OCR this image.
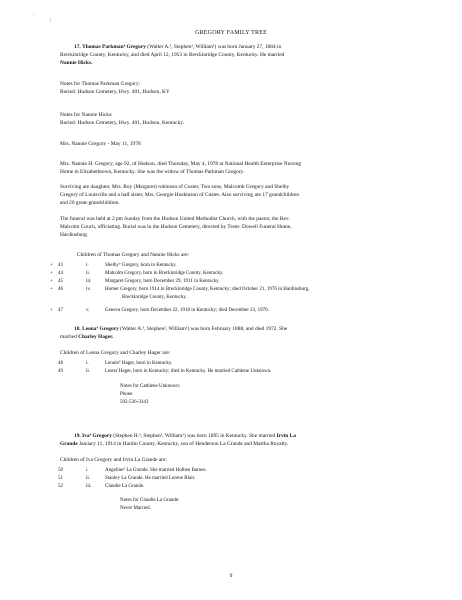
'
|
GREGORY FAMILY TREE

17. Thomas Parkman⁴ Gregory (Walter A.³, Stephen², William¹) was born January 27, 1884 in

Breckinridge County, Kentucky, and died April 12, 1953 in Breckinridge County, Kentucky. He married

Nannie Hicks.

Notes for Thomas Parkman Gregory:

Buried: Hudson Cemetery, Hwy. 401, Hudson, KY

Notes for Nannie Hicks:

Buried: Hudson Cemetery, Hwy. 401, Hudson, Kentucky.

Mrs. Nannie Gregory - May 11, 1978

Mrs. Nannie H. Gregory, age 92, of Hudson, died Thursday, May 4, 1978 at National Health Enterprise Nursing

Home in Elizabethtown, Kentucky. She was the widow of Thomas Parkman Gregory.

Surviving are daughter, Mrs. Roy (Margaret) robinson of Custer, Two sons, Malcomb Gregory and Shelby

Gregory of Louisville and a half sister, Mrs. Georgie Hoskinson of Custer. Also surviving are 17 grandchildren

and 20 great-grandchildren.

The funeral was held at 2 pm Sunday from the Hudson United Methodist Church, with the pastor, the Rev.

Malcolm Couch, officiating. Burial was in the Hudson Cemetery, directed by Trent- Dowell Funeral Home,

Hardinsburg.

Children of Thomas Gregory and Nannie Hicks are:

+ 43	i.	Shelby⁵ Gregory, born in Kentucky.
+ 44	ii.	Malcolm Gregory, born in Breckinridge County, Kentucky.
+ 45	iii.	Margaret Gregory, born December 29, 1911 in Kentucky.
+ 46	iv.	Homer Gregory, born 1914 in Breckinridge County, Kentucky; died October 21, 1976 in Hardinsburg,
Breckinridge County, Kentucky.
+ 47	v.	Geneva Gregory, born December 22, 1918 in Kentucky; died December 23, 1970.

18. Leona⁴ Gregory (Walter A.³, Stephen², William¹) was born February 1888, and died 1972. She

married Charley Hager.

Children of Leona Gregory and Charley Hager are:

48	i.	Lennie⁵ Hager, born in Kentucky.
49	ii.	Lester Hager, born in Kentucky; died in Kentucky. He married Cathlene Unknown.
Notes for Cathlene Unknown:
Phone
502-536-3343

19. Iva⁴ Gregory (Stephen H.³, Stephen², William¹) was born 1895 in Kentucky. She married Irvin La

Grande January 11, 1914 in Hardin County, Kentucky, son of Henderson La Grande and Martha Royalty.

Children of Iva Gregory and Irvin La Grande are:

50	i.	Angeline⁵ La Grande. She married Holben Barnes.
51	ii.	Stanley La Grande. He married Lorene Blair.
52	iii.	Claudie La Grande.
Notes for Claudie La Grande:
Never Married.
9
